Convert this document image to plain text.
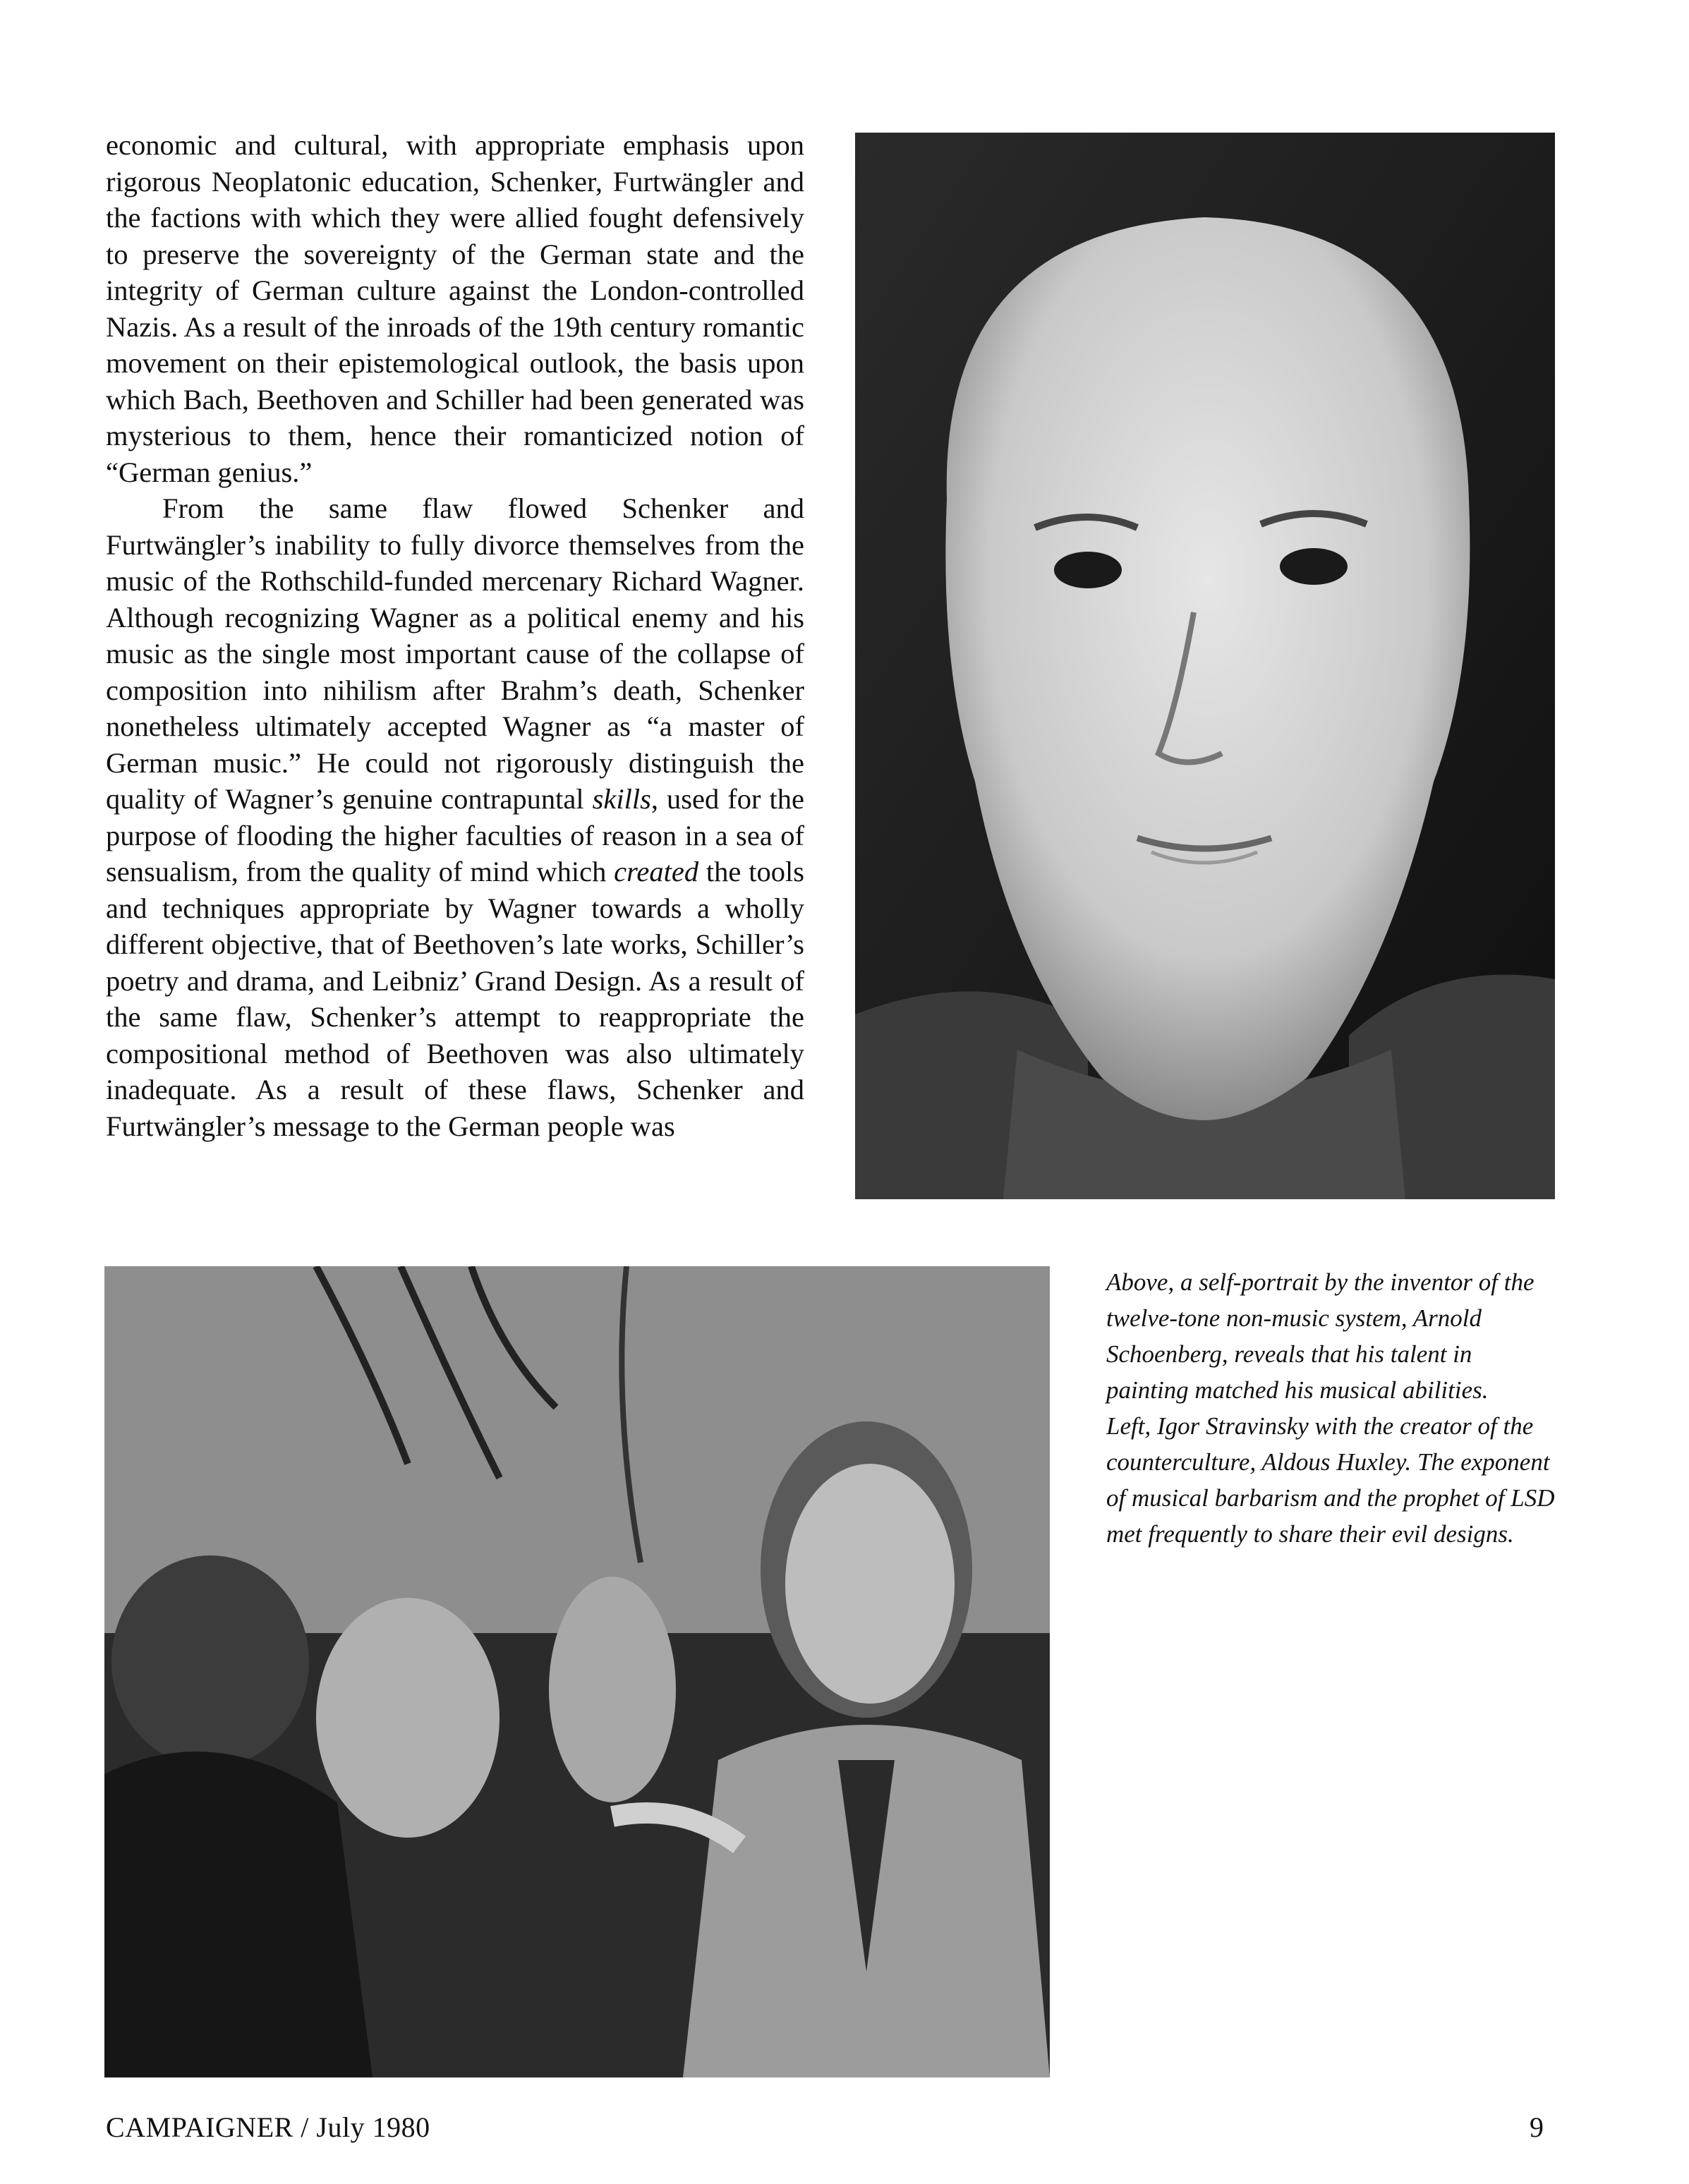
economic and cultural, with appropriate emphasis upon rigorous Neoplatonic education, Schenker, Furtwängler and the factions with which they were allied fought defensively to preserve the sovereignty of the German state and the integrity of German culture against the London-controlled Nazis. As a result of the inroads of the 19th century romantic movement on their epistemological outlook, the basis upon which Bach, Beethoven and Schiller had been generated was mysterious to them, hence their romanticized notion of “German genius.”

From the same flaw flowed Schenker and Furtwängler’s inability to fully divorce themselves from the music of the Rothschild-funded mercenary Richard Wagner. Although recognizing Wagner as a political enemy and his music as the single most important cause of the collapse of composition into nihilism after Brahm’s death, Schenker nonetheless ultimately accepted Wagner as “a master of German music.” He could not rigorously distinguish the quality of Wagner’s genuine contrapuntal skills, used for the purpose of flooding the higher faculties of reason in a sea of sensualism, from the quality of mind which created the tools and techniques appropriate by Wagner towards a wholly different objective, that of Beethoven’s late works, Schiller’s poetry and drama, and Leibniz’ Grand Design. As a result of the same flaw, Schenker’s attempt to reappropriate the compositional method of Beethoven was also ultimately inadequate. As a result of these flaws, Schenker and Furtwängler’s message to the German people was

Above, a self-portrait by the inventor of the twelve-tone non-music system, Arnold Schoenberg, reveals that his talent in painting matched his musical abilities.

Left, Igor Stravinsky with the creator of the counterculture, Aldous Huxley. The exponent of musical barbarism and the prophet of LSD met frequently to share their evil designs.

CAMPAIGNER / July 1980	9
